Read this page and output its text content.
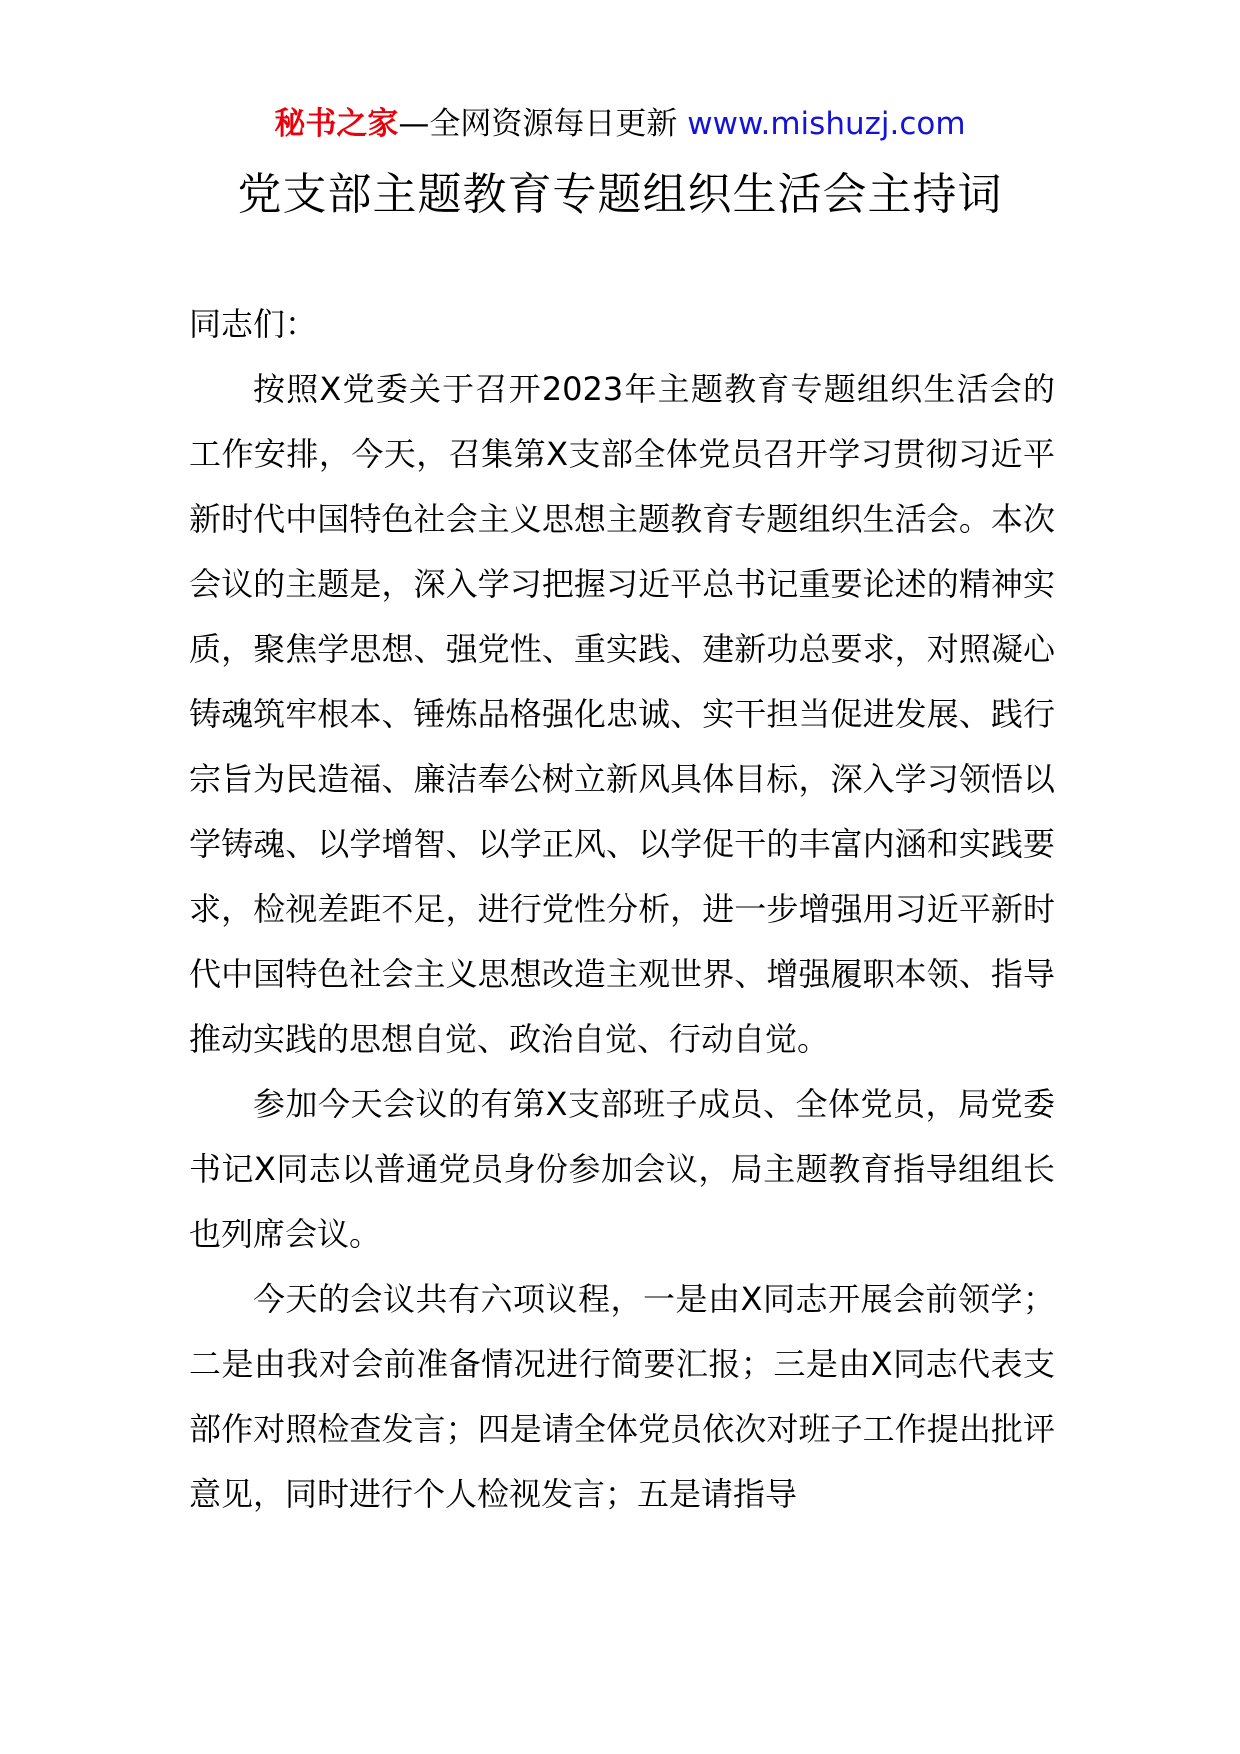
秘书之家—全网资源每日更新 www.mishuzj.com
党支部主题教育专题组织生活会主持词

同志们：

按照X党委关于召开2023年主题教育专题组织生活会的工作安排，今天，召集第X支部全体党员召开学习贯彻习近平新时代中国特色社会主义思想主题教育专题组织生活会。本次会议的主题是，深入学习把握习近平总书记重要论述的精神实质，聚焦学思想、强党性、重实践、建新功总要求，对照凝心铸魂筑牢根本、锤炼品格强化忠诚、实干担当促进发展、践行宗旨为民造福、廉洁奉公树立新风具体目标，深入学习领悟以学铸魂、以学增智、以学正风、以学促干的丰富内涵和实践要求，检视差距不足，进行党性分析，进一步增强用习近平新时代中国特色社会主义思想改造主观世界、增强履职本领、指导推动实践的思想自觉、政治自觉、行动自觉。

参加今天会议的有第X支部班子成员、全体党员，局党委书记X同志以普通党员身份参加会议，局主题教育指导组组长也列席会议。

今天的会议共有六项议程，一是由X同志开展会前领学；二是由我对会前准备情况进行简要汇报；三是由X同志代表支部作对照检查发言；四是请全体党员依次对班子工作提出批评意见，同时进行个人检视发言；五是请指导
